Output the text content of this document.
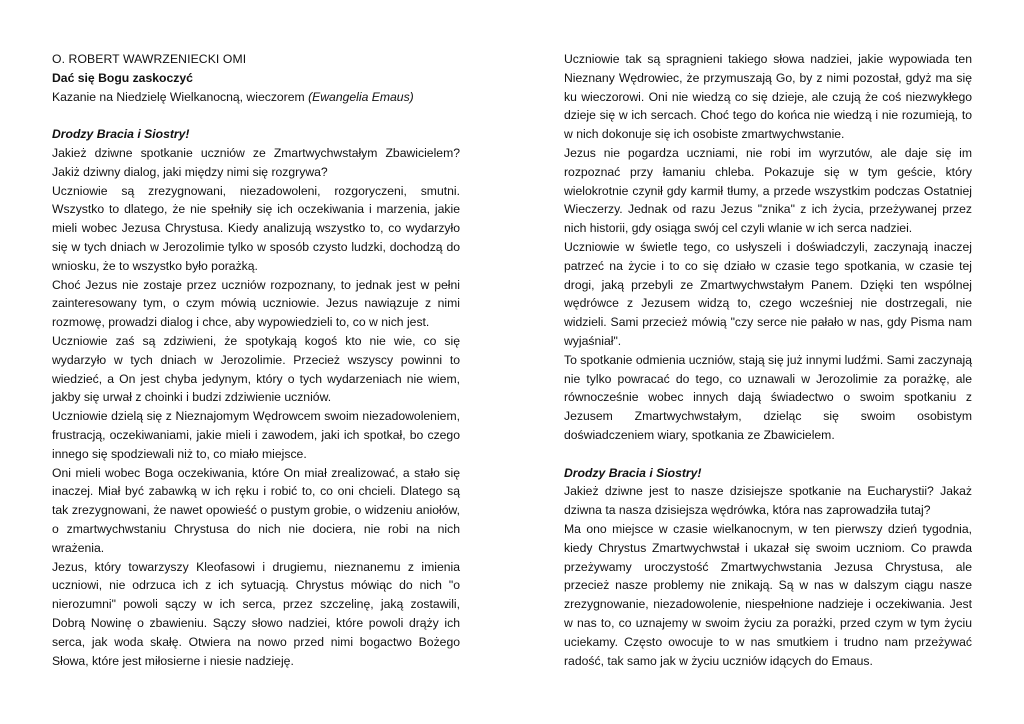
O. ROBERT WAWRZENIECKI OMI

Dać się Bogu zaskoczyć

Kazanie na Niedzielę Wielkanocną, wieczorem (Ewangelia Emaus)

Drodzy Bracia i Siostry!

Jakież dziwne spotkanie uczniów ze Zmartwychwstałym Zbawicielem? Jakiż dziwny dialog, jaki między nimi się rozgrywa?

Uczniowie są zrezygnowani, niezadowoleni, rozgoryczeni, smutni. Wszystko to dlatego, że nie spełniły się ich oczekiwania i marzenia, jakie mieli wobec Jezusa Chrystusa. Kiedy analizują wszystko to, co wydarzyło się w tych dniach w Jerozolimie tylko w sposób czysto ludzki, dochodzą do wniosku, że to wszystko było porażką.

Choć Jezus nie zostaje przez uczniów rozpoznany, to jednak jest w pełni zainteresowany tym, o czym mówią uczniowie. Jezus nawiązuje z nimi rozmowę, prowadzi dialog i chce, aby wypowiedzieli to, co w nich jest.

Uczniowie zaś są zdziwieni, że spotykają kogoś kto nie wie, co się wydarzyło w tych dniach w Jerozolimie. Przecież wszyscy powinni to wiedzieć, a On jest chyba jedynym, który o tych wydarzeniach nie wiem, jakby się urwał z choinki i budzi zdziwienie uczniów.

Uczniowie dzielą się z Nieznajomym Wędrowcem swoim niezadowoleniem, frustracją, oczekiwaniami, jakie mieli i zawodem, jaki ich spotkał, bo czego innego się spodziewali niż to, co miało miejsce.

Oni mieli wobec Boga oczekiwania, które On miał zrealizować, a stało się inaczej. Miał być zabawką w ich ręku i robić to, co oni chcieli. Dlatego są tak zrezygnowani, że nawet opowieść o pustym grobie, o widzeniu aniołów, o zmartwychwstaniu Chrystusa do nich nie dociera, nie robi na nich wrażenia.

Jezus, który towarzyszy Kleofasowi i drugiemu, nieznanemu z imienia uczniowi, nie odrzuca ich z ich sytuacją. Chrystus mówiąc do nich "o nierozumni" powoli sączy w ich serca, przez szczelinę, jaką zostawili, Dobrą Nowinę o zbawieniu. Sączy słowo nadziei, które powoli drąży ich serca, jak woda skałę. Otwiera na nowo przed nimi bogactwo Bożego Słowa, które jest miłosierne i niesie nadzieję.

Uczniowie tak są spragnieni takiego słowa nadziei, jakie wypowiada ten Nieznany Wędrowiec, że przymuszają Go, by z nimi pozostał, gdyż ma się ku wieczorowi. Oni nie wiedzą co się dzieje, ale czują że coś niezwykłego dzieje się w ich sercach. Choć tego do końca nie wiedzą i nie rozumieją, to w nich dokonuje się ich osobiste zmartwychwstanie.

Jezus nie pogardza uczniami, nie robi im wyrzutów, ale daje się im rozpoznać przy łamaniu chleba. Pokazuje się w tym geście, który wielokrotnie czynił gdy karmił tłumy, a przede wszystkim podczas Ostatniej Wieczerzy. Jednak od razu Jezus "znika" z ich życia, przeżywanej przez nich historii, gdy osiąga swój cel czyli wlanie w ich serca nadziei.

Uczniowie w świetle tego, co usłyszeli i doświadczyli, zaczynają inaczej patrzeć na życie i to co się działo w czasie tego spotkania, w czasie tej drogi, jaką przebyli ze Zmartwychwstałym Panem. Dzięki ten wspólnej wędrówce z Jezusem widzą to, czego wcześniej nie dostrzegali, nie widzieli. Sami przecież mówią "czy serce nie pałało w nas, gdy Pisma nam wyjaśniał".

To spotkanie odmienia uczniów, stają się już innymi ludźmi. Sami zaczynają nie tylko powracać do tego, co uznawali w Jerozolimie za porażkę, ale równocześnie wobec innych dają świadectwo o swoim spotkaniu z Jezusem Zmartwychwstałym, dzieląc się swoim osobistym doświadczeniem wiary, spotkania ze Zbawicielem.

Drodzy Bracia i Siostry!

Jakież dziwne jest to nasze dzisiejsze spotkanie na Eucharystii? Jakaż dziwna ta nasza dzisiejsza wędrówka, która nas zaprowadziła tutaj?

Ma ono miejsce w czasie wielkanocnym, w ten pierwszy dzień tygodnia, kiedy Chrystus Zmartwychwstał i ukazał się swoim uczniom. Co prawda przeżywamy uroczystość Zmartwychwstania Jezusa Chrystusa, ale przecież nasze problemy nie znikają. Są w nas w dalszym ciągu nasze zrezygnowanie, niezadowolenie, niespełnione nadzieje i oczekiwania. Jest w nas to, co uznajemy w swoim życiu za porażki, przed czym w tym życiu uciekamy. Często owocuje to w nas smutkiem i trudno nam przeżywać radość, tak samo jak w życiu uczniów idących do Emaus.
